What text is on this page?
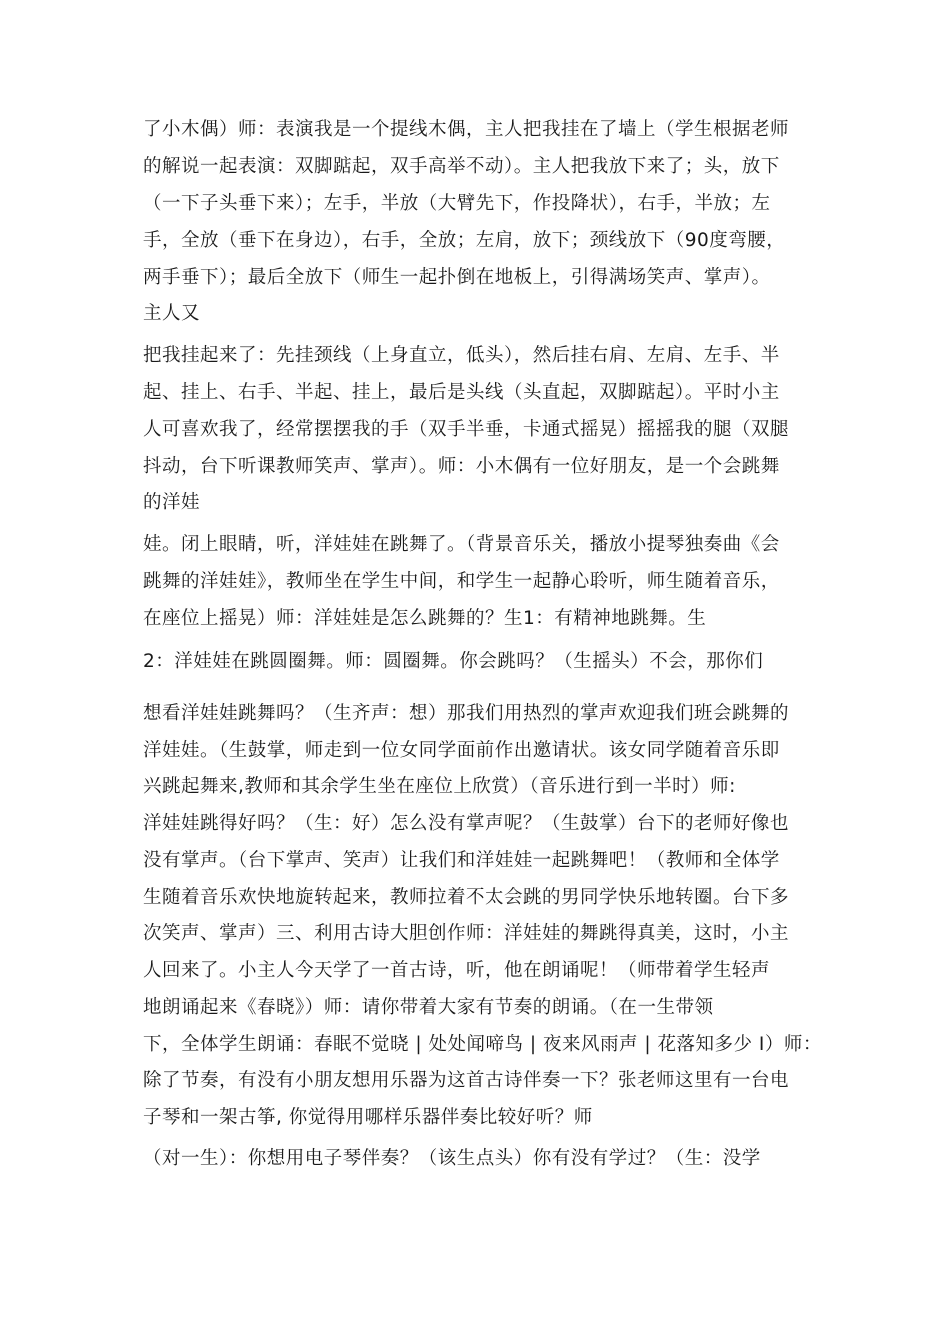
了小木偶）师：表演我是一个提线木偶，主人把我挂在了墙上（学生根据老师
的解说一起表演：双脚踮起，双手高举不动）。主人把我放下来了；头，放下
（一下子头垂下来）；左手，半放（大臂先下，作投降状），右手，半放；左
手，全放（垂下在身边），右手，全放；左肩，放下；颈线放下（90度弯腰，
两手垂下）；最后全放下（师生一起扑倒在地板上，引得满场笑声、掌声）。
主人又
把我挂起来了：先挂颈线（上身直立，低头），然后挂右肩、左肩、左手、半
起、挂上、右手、半起、挂上，最后是头线（头直起，双脚踮起）。平时小主
人可喜欢我了，经常摆摆我的手（双手半垂，卡通式摇晃）摇摇我的腿（双腿
抖动，台下听课教师笑声、掌声）。师：小木偶有一位好朋友，是一个会跳舞
的洋娃
娃。闭上眼睛，听，洋娃娃在跳舞了。（背景音乐关，播放小提琴独奏曲《会
跳舞的洋娃娃》，教师坐在学生中间，和学生一起静心聆听，师生随着音乐，
在座位上摇晃）师：洋娃娃是怎么跳舞的？生1：有精神地跳舞。生
2：洋娃娃在跳圆圈舞。师：圆圈舞。你会跳吗？（生摇头）不会，那你们
想看洋娃娃跳舞吗？（生齐声：想）那我们用热烈的掌声欢迎我们班会跳舞的
洋娃娃。（生鼓掌，师走到一位女同学面前作出邀请状。该女同学随着音乐即
兴跳起舞来,教师和其余学生坐在座位上欣赏）（音乐进行到一半时）师:
洋娃娃跳得好吗？（生：好）怎么没有掌声呢？（生鼓掌）台下的老师好像也
没有掌声。（台下掌声、笑声）让我们和洋娃娃一起跳舞吧！（教师和全体学
生随着音乐欢快地旋转起来，教师拉着不太会跳的男同学快乐地转圈。台下多
次笑声、掌声）三、利用古诗大胆创作师：洋娃娃的舞跳得真美，这时，小主
人回来了。小主人今天学了一首古诗，听，他在朗诵呢！（师带着学生轻声
地朗诵起来《春晓》）师：请你带着大家有节奏的朗诵。（在一生带领
下，全体学生朗诵：春眠不觉晓 | 处处闻啼鸟 | 夜来风雨声 | 花落知多少 I）师：
除了节奏，有没有小朋友想用乐器为这首古诗伴奏一下？张老师这里有一台电
子琴和一架古筝, 你觉得用哪样乐器伴奏比较好听？师
（对一生）：你想用电子琴伴奏？（该生点头）你有没有学过？（生：没学
